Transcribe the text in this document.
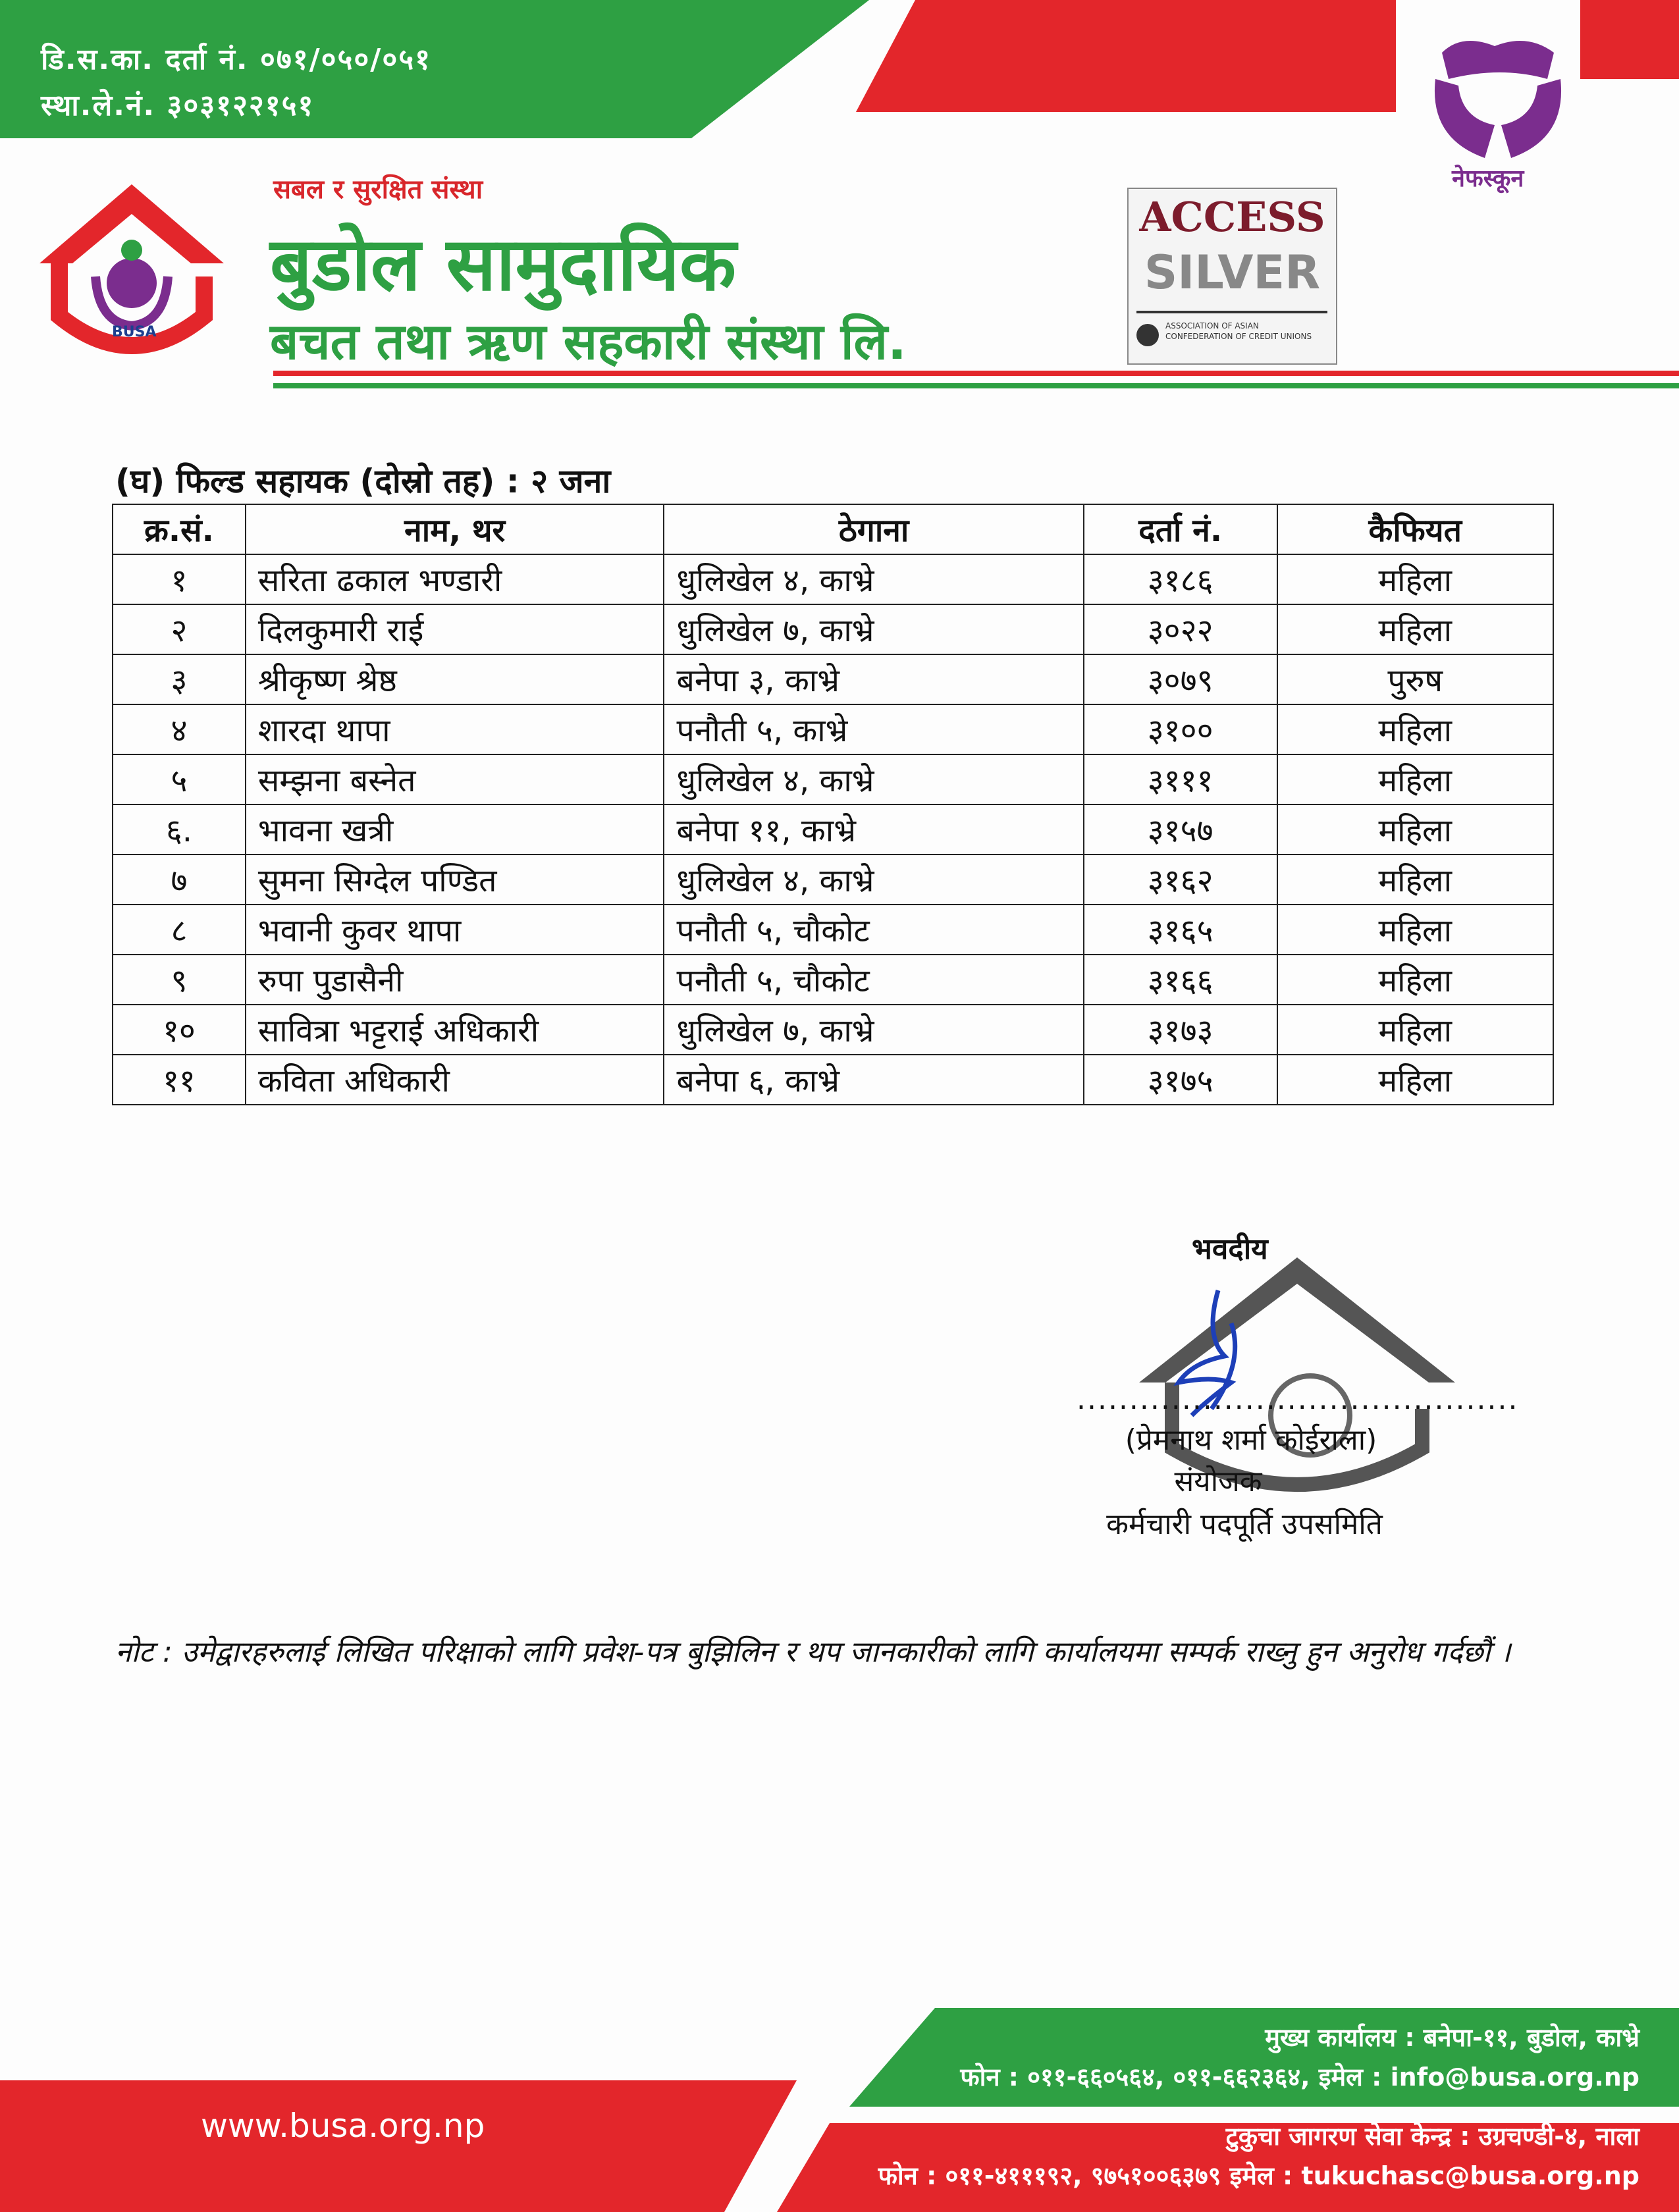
डि.स.का. दर्ता नं. ०७१/०५०/०५१
स्था.ले.नं. ३०३१२२१५१
BUSA
सबल र सुरक्षित संस्था
बुडोल सामुदायिक
बचत तथा ऋण सहकारी संस्था लि.
ACCESS
SILVER
ASSOCIATION OF ASIAN CONFEDERATION OF CREDIT UNIONS
नेफस्कून
(घ) फिल्ड सहायक (दोस्रो तह) : २ जना
क्र.सं.	नाम, थर	ठेगाना	दर्ता नं.	कैफियत
१	सरिता ढकाल भण्डारी	धुलिखेल ४, काभ्रे	३१८६	महिला
२	दिलकुमारी राई	धुलिखेल ७, काभ्रे	३०२२	महिला
३	श्रीकृष्ण श्रेष्ठ	बनेपा ३, काभ्रे	३०७९	पुरुष
४	शारदा थापा	पनौती ५, काभ्रे	३१००	महिला
५	सम्झना बस्नेत	धुलिखेल ४, काभ्रे	३१११	महिला
६.	भावना खत्री	बनेपा ११, काभ्रे	३१५७	महिला
७	सुमना सिग्देल पण्डित	धुलिखेल ४, काभ्रे	३१६२	महिला
८	भवानी कुवर थापा	पनौती ५, चौकोट	३१६५	महिला
९	रुपा पुडासैनी	पनौती ५, चौकोट	३१६६	महिला
१०	सावित्रा भट्टराई अधिकारी	धुलिखेल ७, काभ्रे	३१७३	महिला
११	कविता अधिकारी	बनेपा ६, काभ्रे	३१७५	महिला
भवदीय
..........................................
(प्रेमनाथ शर्मा कोईराला)
संयोजक
कर्मचारी पदपूर्ति उपसमिति
नोट : उमेद्वारहरुलाई लिखित परिक्षाको लागि प्रवेश-पत्र बुझिलिन र थप जानकारीको लागि कार्यालयमा सम्पर्क राख्नु हुन अनुरोध गर्दछौं ।
www.busa.org.np
मुख्य कार्यालय : बनेपा-११, बुडोल, काभ्रे
फोन : ०११-६६०५६४, ०११-६६२३६४, इमेल : info@busa.org.np
टुकुचा जागरण सेवा केन्द्र : उग्रचण्डी-४, नाला
फोन : ०११-४१११९२, ९७५१००६३७९ इमेल : tukuchasc@busa.org.np
